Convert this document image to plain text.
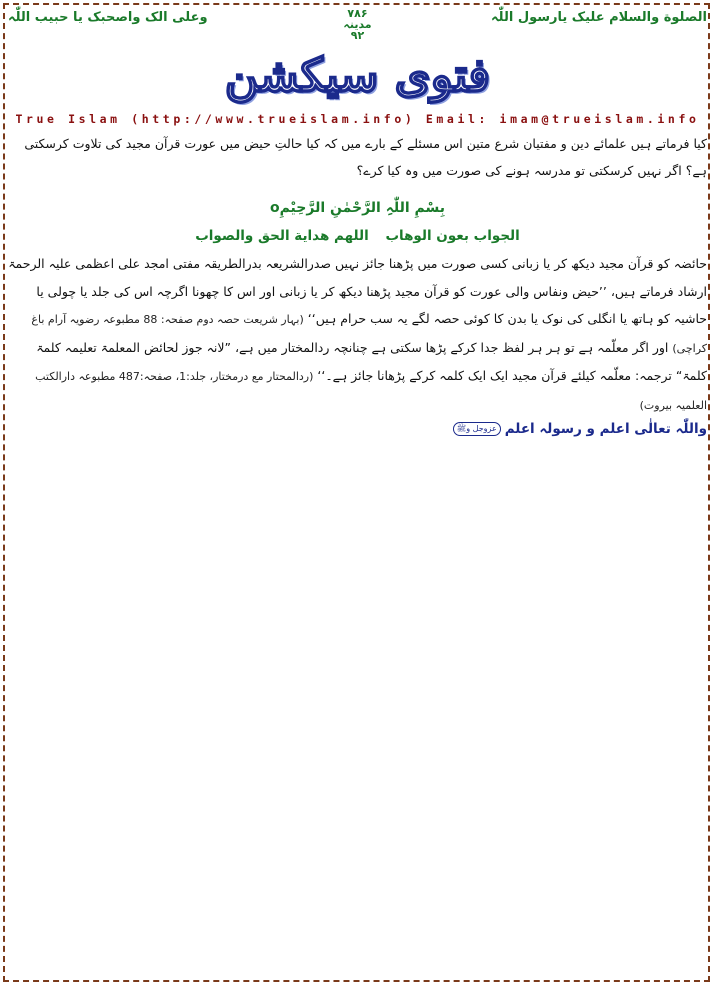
وعلی الک واصحبک یا حبیب اللّٰہ	۷۸۶
مدینہ
۹۲
الصلوة والسلام علیک یارسول اللّٰہ
فتوی سیکشن
True Islam (http://www.trueislam.info) Email: imam@trueislam.info

کیا فرماتے ہیں علمائے دین و مفتیان شرع متین اس مسئلے کے بارے میں کہ کیا حالتِ حیض میں عورت قرآن مجید کی تلاوت کرسکتی ہے؟ اگر نہیں کرسکتی تو مدرسہ ہونے کی صورت میں وہ کیا کرے؟

بِسْمِ اللّٰہِ الرَّحْمٰنِ الرَّحِیْمِo
الجواب بعون الوهاب اللهم هداية الحق والصواب

حائضہ کو قرآن مجید دیکھ کر یا زبانی کسی صورت میں پڑھنا جائز نہیں صدرالشریعہ بدرالطریقہ مفتی امجد علی اعظمی علیہ الرحمۃ ارشاد فرماتے ہیں، ’’حیض ونفاس والی عورت کو قرآن مجید پڑھنا دیکھ کر یا زبانی اور اس کا چھونا اگرچہ اس کی جلد یا چولی یا حاشیہ کو ہاتھ یا انگلی کی نوک یا بدن کا کوئی حصہ لگے یہ سب حرام ہیں‘‘ (بہار شریعت حصہ دوم صفحہ: 88 مطبوعہ رضویہ آرام باغ کراچی) اور اگر معلّمہ ہے تو ہر ہر لفظ جدا کرکے پڑھا سکتی ہے چنانچہ ردالمختار میں ہے، ”لانہ جوز لحائض المعلمۃ تعلیمہ کلمۃ کلمۃ“ ترجمہ: معلّمہ کیلئے قرآن مجید ایک ایک کلمہ کرکے پڑھانا جائز ہے۔‘‘ (ردالمحتار مع درمختار، جلد:1، صفحہ:487 مطبوعہ دارالکتب العلمیہ بیروت)

واللّٰہ تعالٰی اعلم و رسولہ اعلم
عزوجل وﷺ
